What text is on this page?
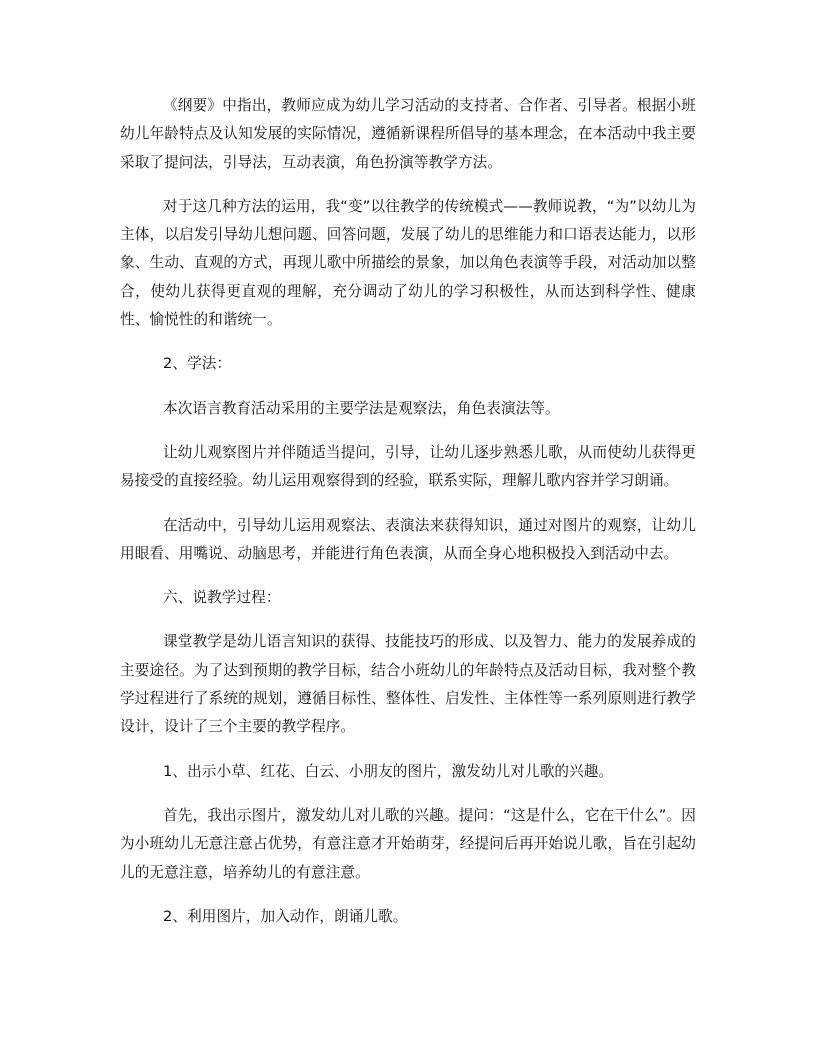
《纲要》中指出，教师应成为幼儿学习活动的支持者、合作者、引导者。根据小班幼儿年龄特点及认知发展的实际情况，遵循新课程所倡导的基本理念，在本活动中我主要采取了提问法，引导法，互动表演，角色扮演等教学方法。

对于这几种方法的运用，我“变”以往教学的传统模式——教师说教，“为”以幼儿为主体，以启发引导幼儿想问题、回答问题，发展了幼儿的思维能力和口语表达能力，以形象、生动、直观的方式，再现儿歌中所描绘的景象，加以角色表演等手段，对活动加以整合，使幼儿获得更直观的理解，充分调动了幼儿的学习积极性，从而达到科学性、健康性、愉悦性的和谐统一。

2、学法：

本次语言教育活动采用的主要学法是观察法，角色表演法等。

让幼儿观察图片并伴随适当提问，引导，让幼儿逐步熟悉儿歌，从而使幼儿获得更易接受的直接经验。幼儿运用观察得到的经验，联系实际，理解儿歌内容并学习朗诵。

在活动中，引导幼儿运用观察法、表演法来获得知识，通过对图片的观察，让幼儿用眼看、用嘴说、动脑思考，并能进行角色表演，从而全身心地积极投入到活动中去。

六、说教学过程：

课堂教学是幼儿语言知识的获得、技能技巧的形成、以及智力、能力的发展养成的主要途径。为了达到预期的教学目标，结合小班幼儿的年龄特点及活动目标，我对整个教学过程进行了系统的规划，遵循目标性、整体性、启发性、主体性等一系列原则进行教学设计，设计了三个主要的教学程序。

1、出示小草、红花、白云、小朋友的图片，激发幼儿对儿歌的兴趣。

首先，我出示图片，激发幼儿对儿歌的兴趣。提问：“这是什么，它在干什么”。因为小班幼儿无意注意占优势，有意注意才开始萌芽，经提问后再开始说儿歌，旨在引起幼儿的无意注意，培养幼儿的有意注意。

2、利用图片，加入动作，朗诵儿歌。
